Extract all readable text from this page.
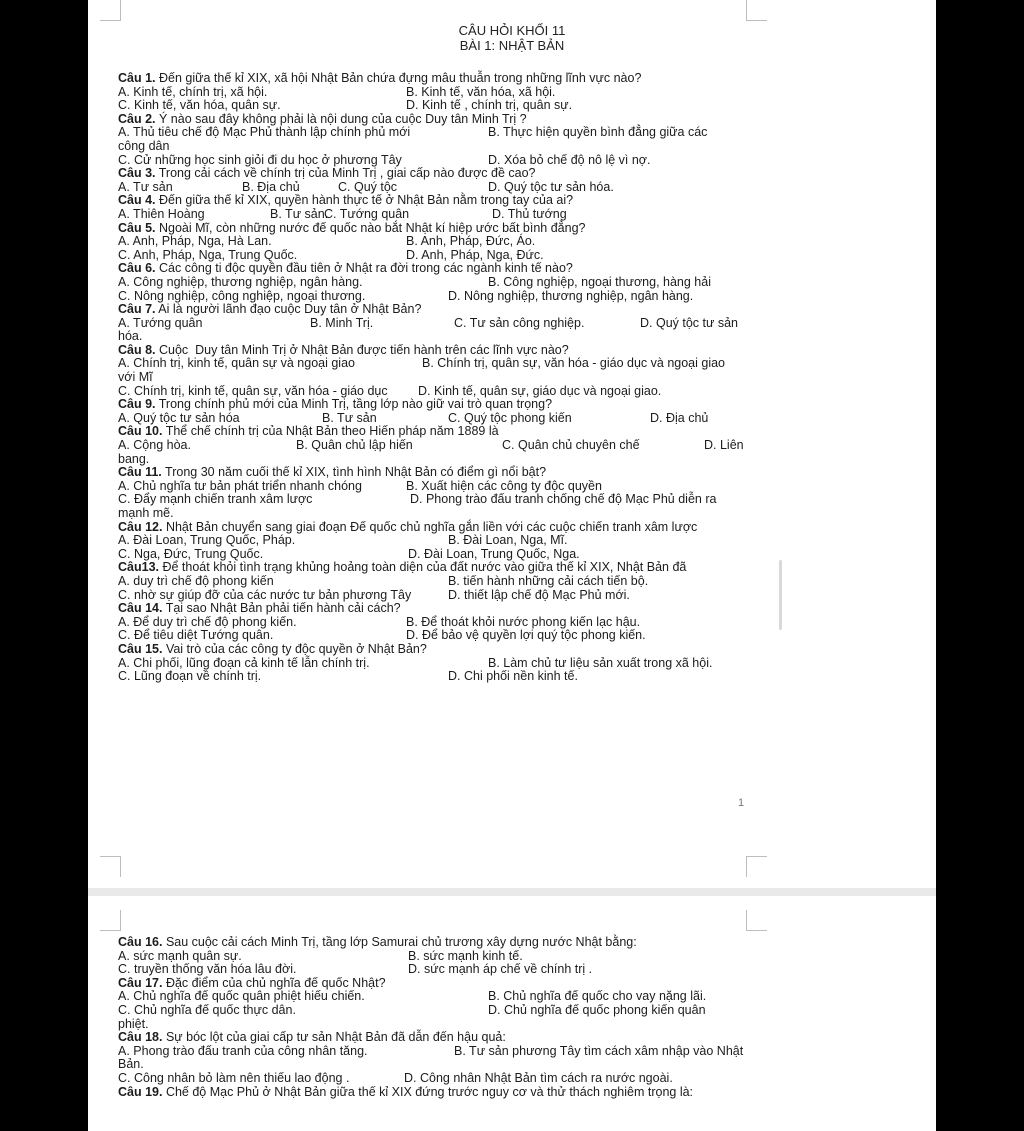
CÂU HỎI KHỐI 11
BÀI 1: NHẬT BẢN
Câu 1. Đến giữa thế kỉ XIX, xã hội Nhật Bản chứa đựng mâu thuẫn trong những lĩnh vực nào?
A. Kinh tế, chính trị, xã hội.	B. Kinh tế, văn hóa, xã hội.
C. Kinh tế, văn hóa, quân sự.	D. Kinh tế , chính trị, quân sự.
Câu 2. Ý nào sau đây không phải là nội dung của cuộc Duy tân Minh Trị ?
A. Thủ tiêu chế độ Mạc Phủ thành lập chính phủ mới	B. Thực hiện quyền bình đẳng giữa các
công dân
C. Cử những học sinh giỏi đi du học ở phương Tây	D. Xóa bỏ chế độ nô lệ vì nợ.
Câu 3. Trong cải cách về chính trị của Minh Trị , giai cấp nào được đề cao?
A. Tư sản	B. Địa chủ	C. Quý tộc	D. Quý tộc tư sản hóa.
Câu 4. Đến giữa thế kỉ XIX, quyền hành thực tế ở Nhật Bản nằm trong tay của ai?
A. Thiên Hoàng	B. Tư sản.
C. Tướng quân	D. Thủ tướng
Câu 5. Ngoài Mĩ, còn những nước đế quốc nào bắt Nhật kí hiệp ước bất bình đẳng?
A. Anh, Pháp, Nga, Hà Lan.	B. Anh, Pháp, Đức, Áo.
C. Anh, Pháp, Nga, Trung Quốc.	D. Anh, Pháp, Nga, Đức.
Câu 6. Các công ti độc quyền đầu tiên ở Nhật ra đời trong các ngành kinh tế nào?
A. Công nghiệp, thương nghiệp, ngân hàng.	B. Công nghiệp, ngoại thương, hàng hải
C. Nông nghiệp, công nghiệp, ngoại thương.	D. Nông nghiệp, thương nghiệp, ngân hàng.
Câu 7. Ai là người lãnh đạo cuộc Duy tân ở Nhật Bản?
A. Tướng quân	B. Minh Trị.	C. Tư sản công nghiệp.	D. Quý tộc tư sản
hóa.
Câu 8. Cuộc  Duy tân Minh Trị ở Nhật Bản được tiến hành trên các lĩnh vực nào?
A. Chính trị, kinh tế, quân sự và ngoại giao	B. Chính trị, quân sự, văn hóa - giáo dục và ngoại giao
với Mĩ
C. Chính trị, kinh tế, quân sự, văn hóa - giáo dục	D. Kinh tế, quân sự, giáo dục và ngoại giao.
Câu 9. Trong chính phủ mới của Minh Trị, tầng lớp nào giữ vai trò quan trọng?
A. Quý tộc tư sản hóa	B. Tư sản	C. Quý tộc phong kiến	D. Địa chủ
Câu 10. Thể chế chính trị của Nhật Bản theo Hiến pháp năm 1889 là
A. Cộng hòa.	B. Quân chủ lập hiến	C. Quân chủ chuyên chế	D. Liên
bang.
Câu 11. Trong 30 năm cuối thế kỉ XIX, tình hình Nhật Bản có điểm gì nổi bật?
A. Chủ nghĩa tư bản phát triển nhanh chóng	B. Xuất hiện các công ty độc quyền
C. Đẩy mạnh chiến tranh xâm lược	D. Phong trào đấu tranh chống chế độ Mạc Phủ diễn ra
mạnh mẽ.
Câu 12. Nhật Bản chuyển sang giai đoạn Đế quốc chủ nghĩa gắn liền với các cuộc chiến tranh xâm lược
A. Đài Loan, Trung Quốc, Pháp.	B. Đài Loan, Nga, Mĩ.
C. Nga, Đức, Trung Quốc.	D. Đài Loan, Trung Quốc, Nga.
Câu13. Để thoát khỏi tình trạng khủng hoảng toàn diện của đất nước vào giữa thế kỉ XIX, Nhật Bản đã
A. duy trì chế độ phong kiến	B. tiến hành những cải cách tiến bộ.
C. nhờ sự giúp đỡ của các nước tư bản phương Tây	D. thiết lập chế độ Mạc Phủ mới.
Câu 14. Tại sao Nhật Bản phải tiến hành cải cách?
A. Để duy trì chế độ phong kiến.	B. Để thoát khỏi nước phong kiến lạc hậu.
C. Để tiêu diệt Tướng quân.	D. Để bảo vệ quyền lợi quý tộc phong kiến.
Câu 15. Vai trò của các công ty độc quyền ở Nhật Bản?
A. Chi phối, lũng đoạn cả kinh tế lẫn chính trị.	B. Làm chủ tư liệu sản xuất trong xã hội.
C. Lũng đoạn về chính trị.	D. Chi phối nền kinh tế.
1
Câu 16. Sau cuộc cải cách Minh Trị, tầng lớp Samurai chủ trương xây dựng nước Nhật bằng:
A. sức mạnh quân sự.	B. sức mạnh kinh tế.
C. truyền thống văn hóa lâu đời.	D. sức mạnh áp chế về chính trị .
Câu 17. Đặc điểm của chủ nghĩa đế quốc Nhật?
A. Chủ nghĩa đế quốc quân phiệt hiếu chiến.	B. Chủ nghĩa đế quốc cho vay nặng lãi.
C. Chủ nghĩa đế quốc thực dân.	D. Chủ nghĩa đế quốc phong kiến quân
phiệt.
Câu 18. Sự bóc lột của giai cấp tư sản Nhật Bản đã dẫn đến hậu quả:
A. Phong trào đấu tranh của công nhân tăng.	B. Tư sản phương Tây tìm cách xâm nhập vào Nhật
Bản.
C. Công nhân bỏ làm nên thiếu lao động .	D. Công nhân Nhật Bản tìm cách ra nước ngoài.
Câu 19. Chế độ Mạc Phủ ở Nhật Bản giữa thế kỉ XIX đứng trước nguy cơ và thử thách nghiêm trọng là:
